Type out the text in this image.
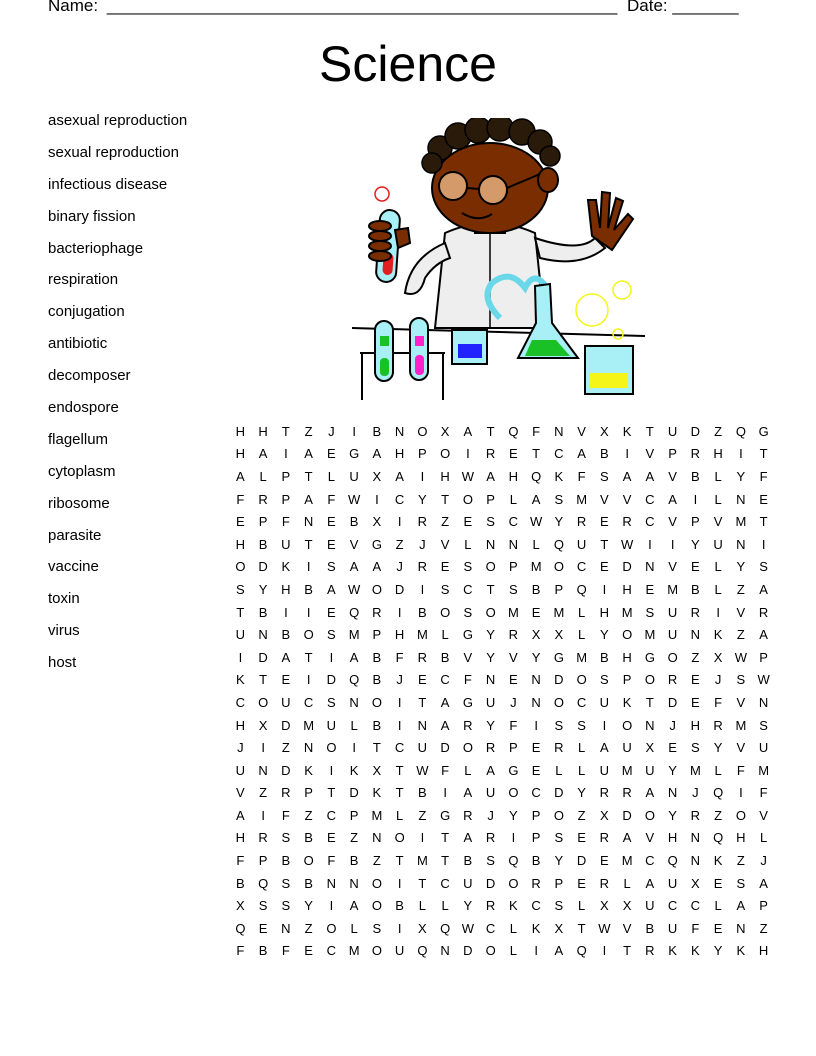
Name: ______________________________________________________ Date: _______
Science
asexual reproduction
sexual reproduction
infectious disease
binary fission
bacteriophage
respiration
conjugation
antibiotic
decomposer
endospore
flagellum
cytoplasm
ribosome
parasite
vaccine
toxin
virus
host
H	H	T	Z	J	I	B	N	O	X	A	T	Q	F	N	V	X	K	T	U	D	Z	Q	G
H	A	I	A	E	G	A	H	P	O	I	R	E	T	C	A	B	I	V	P	R	H	I	T
A	L	P	T	L	U	X	A	I	H	W	A	H	Q	K	F	S	A	A	V	B	L	Y	F
F	R	P	A	F	W	I	C	Y	T	O	P	L	A	S	M	V	V	C	A	I	L	N	E
E	P	F	N	E	B	X	I	R	Z	E	S	C	W	Y	R	E	R	C	V	P	V	M	T
H	B	U	T	E	V	G	Z	J	V	L	N	N	L	Q	U	T	W	I	I	Y	U	N	I
O	D	K	I	S	A	A	J	R	E	S	O	P	M	O	C	E	D	N	V	E	L	Y	S
S	Y	H	B	A	W	O	D	I	S	C	T	S	B	P	Q	I	H	E	M	B	L	Z	A
T	B	I	I	E	Q	R	I	B	O	S	O	M	E	M	L	H	M	S	U	R	I	V	R
U	N	B	O	S	M	P	H	M	L	G	Y	R	X	X	L	Y	O	M	U	N	K	Z	A
I	D	A	T	I	A	B	F	R	B	V	Y	V	Y	G	M	B	H	G	O	Z	X	W	P
K	T	E	I	D	Q	B	J	E	C	F	N	E	N	D	O	S	P	O	R	E	J	S	W
C	O	U	C	S	N	O	I	T	A	G	U	J	N	O	C	U	K	T	D	E	F	V	N
H	X	D	M	U	L	B	I	N	A	R	Y	F	I	S	S	I	O	N	J	H	R	M	S
J	I	Z	N	O	I	T	C	U	D	O	R	P	E	R	L	A	U	X	E	S	Y	V	U
U	N	D	K	I	K	X	T	W	F	L	A	G	E	L	L	U	M	U	Y	M	L	F	M
V	Z	R	P	T	D	K	T	B	I	A	U	O	C	D	Y	R	R	A	N	J	Q	I	F
A	I	F	Z	C	P	M	L	Z	G	R	J	Y	P	O	Z	X	D	O	Y	R	Z	O	V
H	R	S	B	E	Z	N	O	I	T	A	R	I	P	S	E	R	A	V	H	N	Q	H	L
F	P	B	O	F	B	Z	T	M	T	B	S	Q	B	Y	D	E	M	C	Q	N	K	Z	J
B	Q	S	B	N	N	O	I	T	C	U	D	O	R	P	E	R	L	A	U	X	E	S	A
X	S	S	Y	I	A	O	B	L	L	Y	R	K	C	S	L	X	X	U	C	C	L	A	P
Q	E	N	Z	O	L	S	I	X	Q	W	C	L	K	X	T	W	V	B	U	F	E	N	Z
F	B	F	E	C	M	O	U	Q	N	D	O	L	I	A	Q	I	T	R	K	K	Y	K	H
